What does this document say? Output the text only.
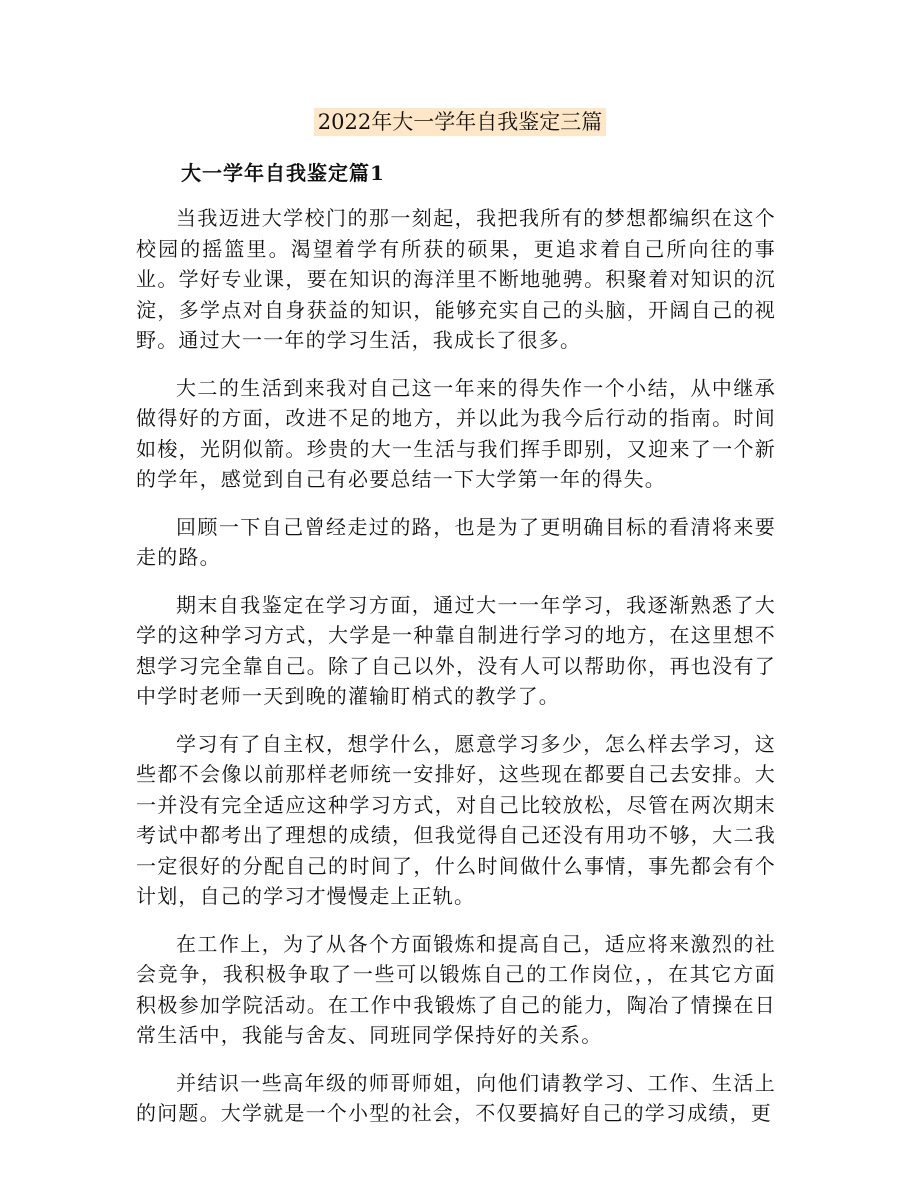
2022年大一学年自我鉴定三篇
大一学年自我鉴定篇1

当我迈进大学校门的那一刻起，我把我所有的梦想都编织在这个校园的摇篮里。渴望着学有所获的硕果，更追求着自己所向往的事业。学好专业课，要在知识的海洋里不断地驰骋。积聚着对知识的沉淀，多学点对自身获益的知识，能够充实自己的头脑，开阔自己的视野。通过大一一年的学习生活，我成长了很多。

大二的生活到来我对自己这一年来的得失作一个小结，从中继承做得好的方面，改进不足的地方，并以此为我今后行动的指南。时间如梭，光阴似箭。珍贵的大一生活与我们挥手即别，又迎来了一个新的学年，感觉到自己有必要总结一下大学第一年的得失。

回顾一下自己曾经走过的路，也是为了更明确目标的看清将来要走的路。

期末自我鉴定在学习方面，通过大一一年学习，我逐渐熟悉了大学的这种学习方式，大学是一种靠自制进行学习的地方，在这里想不想学习完全靠自己。除了自己以外，没有人可以帮助你，再也没有了中学时老师一天到晚的灌输盯梢式的教学了。

学习有了自主权，想学什么，愿意学习多少，怎么样去学习，这些都不会像以前那样老师统一安排好，这些现在都要自己去安排。大一并没有完全适应这种学习方式，对自己比较放松，尽管在两次期末考试中都考出了理想的成绩，但我觉得自己还没有用功不够，大二我一定很好的分配自己的时间了，什么时间做什么事情，事先都会有个计划，自己的学习才慢慢走上正轨。

在工作上，为了从各个方面锻炼和提高自己，适应将来激烈的社会竞争，我积极争取了一些可以锻炼自己的工作岗位，，在其它方面积极参加学院活动。在工作中我锻炼了自己的能力，陶冶了情操在日常生活中，我能与舍友、同班同学保持好的关系。

并结识一些高年级的师哥师姐，向他们请教学习、工作、生活上的问题。大学就是一个小型的社会，不仅要搞好自己的学习成绩，更
